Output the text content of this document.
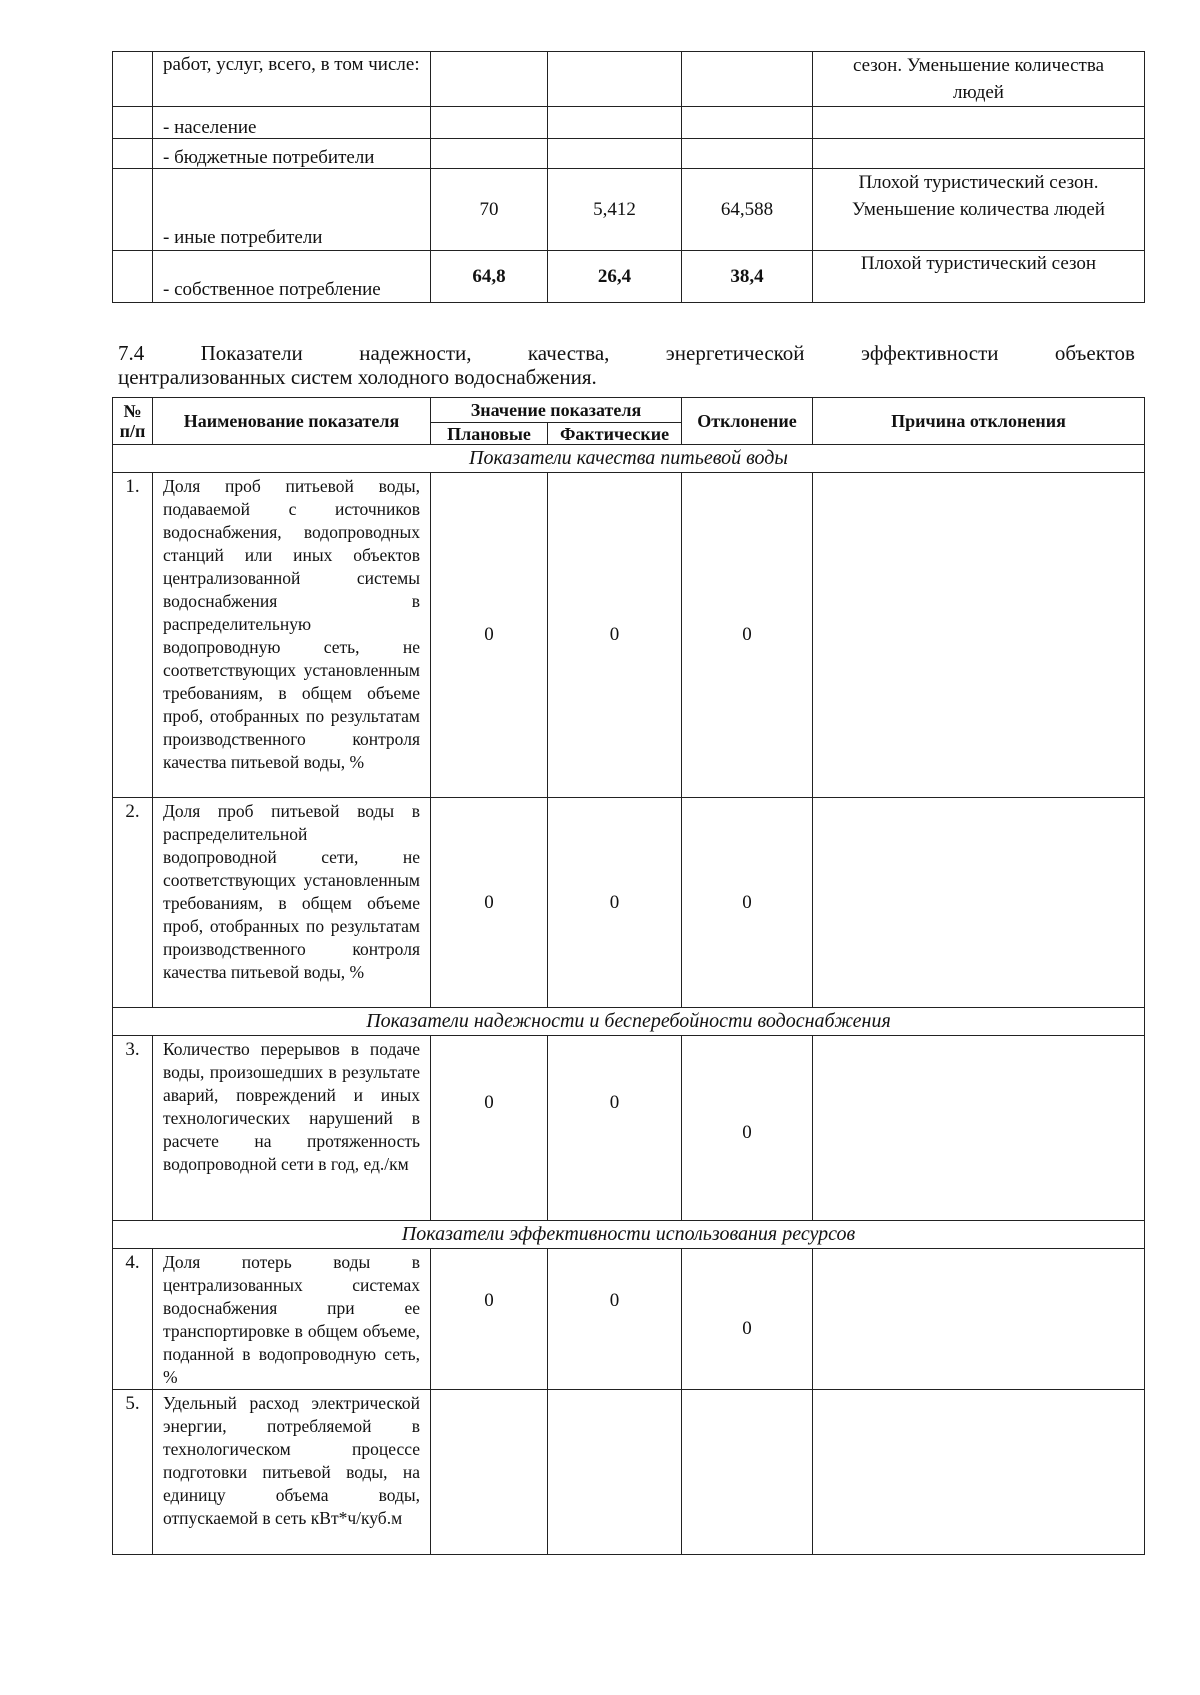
	работ, услуг, всего, в том числе:				сезон. Уменьшение количества людей
	- население				
	- бюджетные потребители				
	- иные потребители	70	5,412	64,588	Плохой туристический сезон. Уменьшение количества людей
	- собственное потребление	64,8	26,4	38,4	Плохой туристический сезон
7.4	Показатели	надежности,	качества,	энергетической	эффективности	объектов
централизованных систем холодного водоснабжения.
№ п/п	Наименование показателя	Значение показателя		Отклонение	Причина отклонения
		Плановые	Фактические		
Показатели качества питьевой воды					
1.	Доля проб питьевой воды, подаваемой с источников водоснабжения, водопроводных станций или иных объектов централизованной системы водоснабжения в распределительную водопроводную сеть, не соответствующих установленным требованиям, в общем объеме проб, отобранных по результатам производственного контроля качества питьевой воды, %	0	0	0	
2.	Доля проб питьевой воды в распределительной водопроводной сети, не соответствующих установленным требованиям, в общем объеме проб, отобранных по результатам производственного контроля качества питьевой воды, %	0	0	0	
Показатели надежности и бесперебойности водоснабжения					
3.	Количество перерывов в подаче воды, произошедших в результате аварий, повреждений и иных технологических нарушений в расчете на протяженность водопроводной сети в год, ед./км	0	0	0	
Показатели эффективности использования ресурсов					
4.	Доля потерь воды в централизованных системах водоснабжения при ее транспортировке в общем объеме, поданной в водопроводную сеть, %	0	0	0	
5.	Удельный расход электрической энергии, потребляемой в технологическом процессе подготовки питьевой воды, на единицу объема воды, отпускаемой в сеть кВт*ч/куб.м				
